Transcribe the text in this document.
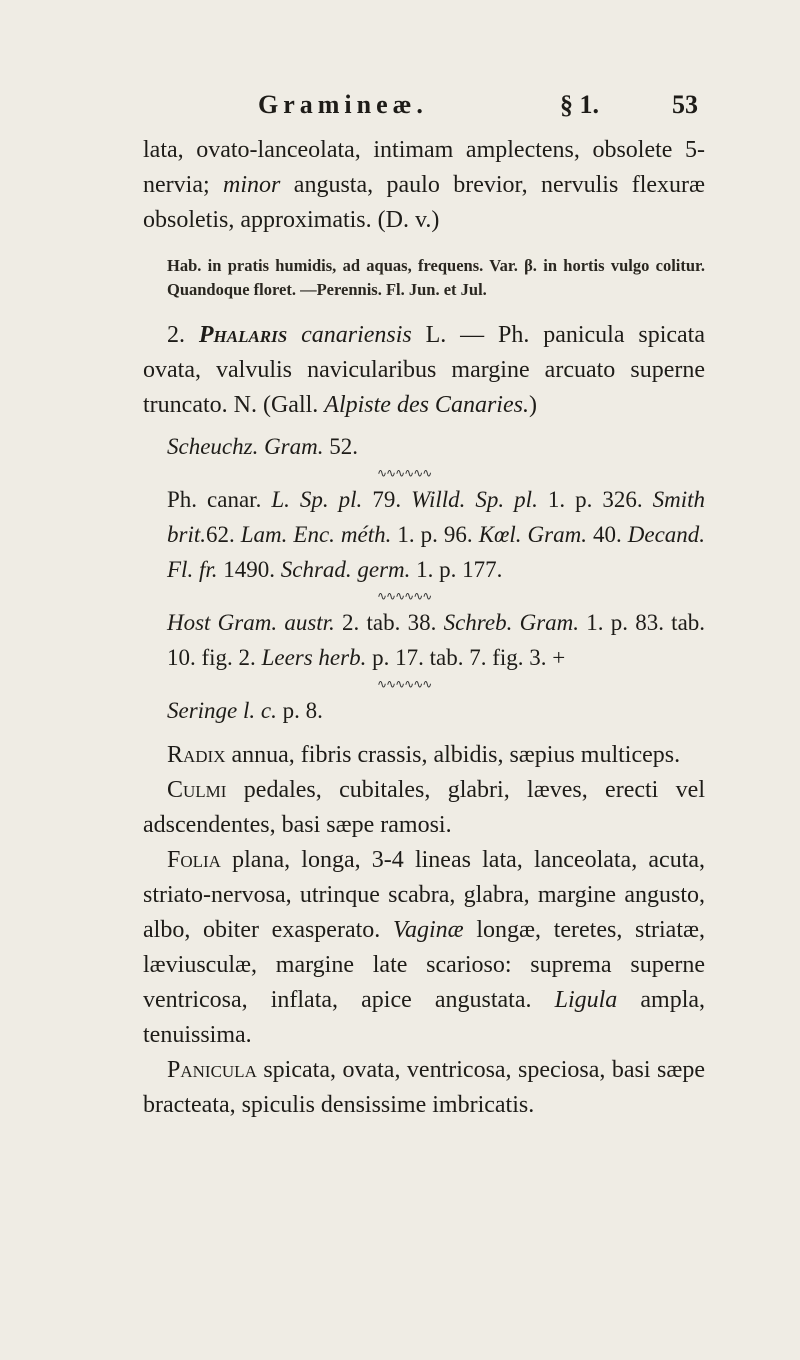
Gramineæ.	§ 1.	53

lata, ovato-lanceolata, intimam amplectens, obsolete 5-nervia; minor angusta, paulo brevior, nervulis flexuræ obsoletis, approximatis. (D. v.)

Hab. in pratis humidis, ad aquas, frequens. Var. β. in hortis vulgo colitur. Quandoque floret. —Perennis. Fl. Jun. et Jul.

2. Phalaris canariensis L. — Ph. panicula spicata ovata, valvulis navicularibus margine arcuato superne truncato. N. (Gall. Alpiste des Canaries.)

Scheuchz. Gram. 52.

∿∿∿∿∿∿

Ph. canar. L. Sp. pl. 79. Willd. Sp. pl. 1. p. 326. Smith brit.62. Lam. Enc. méth. 1. p. 96. Kœl. Gram. 40. Decand. Fl. fr. 1490. Schrad. germ. 1. p. 177.

∿∿∿∿∿∿

Host Gram. austr. 2. tab. 38. Schreb. Gram. 1. p. 83. tab. 10. fig. 2. Leers herb. p. 17. tab. 7. fig. 3. +

∿∿∿∿∿∿

Seringe l. c. p. 8.

Radix annua, fibris crassis, albidis, sæpius multiceps.

Culmi pedales, cubitales, glabri, læves, erecti vel adscendentes, basi sæpe ramosi.

Folia plana, longa, 3-4 lineas lata, lanceolata, acuta, striato-nervosa, utrinque scabra, glabra, margine angusto, albo, obiter exasperato. Vaginæ longæ, teretes, striatæ, læviusculæ, margine late scarioso: suprema superne ventricosa, inflata, apice angustata. Ligula ampla, tenuissima.

Panicula spicata, ovata, ventricosa, speciosa, basi sæpe bracteata, spiculis densissime imbricatis.
